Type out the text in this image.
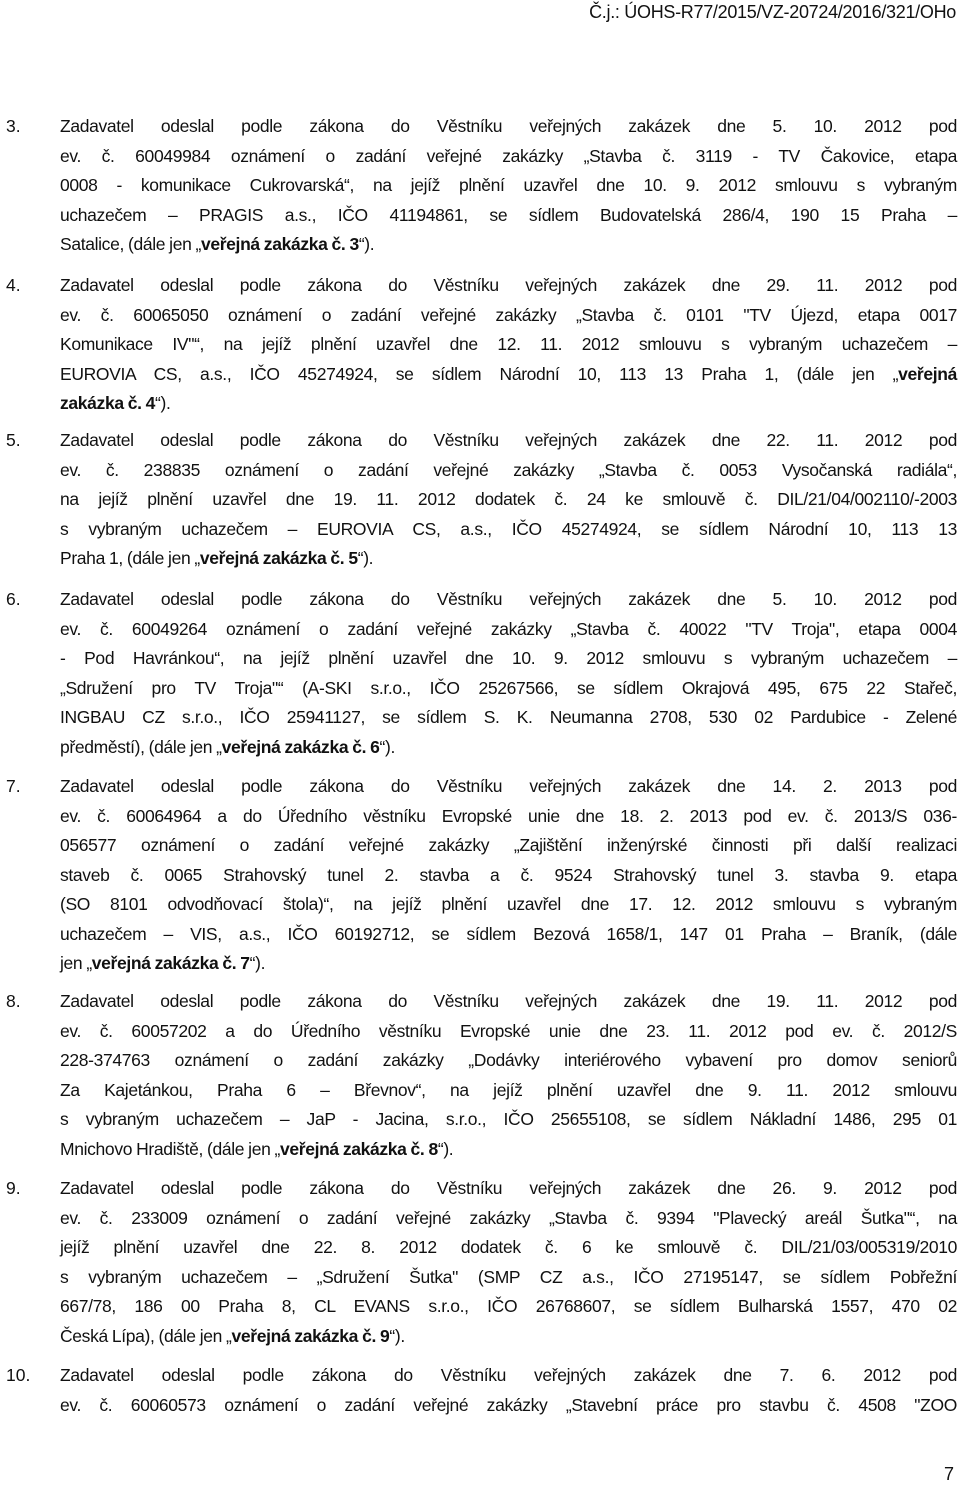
Č.j.: ÚOHS-R77/2015/VZ-20724/2016/321/OHo
3. Zadavatel odeslal podle zákona do Věstníku veřejných zakázek dne 5. 10. 2012 pod
ev. č. 60049984 oznámení o zadání veřejné zakázky „Stavba č. 3119 - TV Čakovice, etapa
0008 - komunikace Cukrovarská“, na jejíž plnění uzavřel dne 10. 9. 2012 smlouvu s vybraným
uchazečem – PRAGIS a.s., IČO 41194861, se sídlem Budovatelská 286/4, 190 15 Praha –
Satalice, (dále jen „veřejná zakázka č. 3“).
4. Zadavatel odeslal podle zákona do Věstníku veřejných zakázek dne 29. 11. 2012 pod
ev. č. 60065050 oznámení o zadání veřejné zakázky „Stavba č. 0101 "TV Újezd, etapa 0017
Komunikace IV"“, na jejíž plnění uzavřel dne 12. 11. 2012 smlouvu s vybraným uchazečem –
EUROVIA CS, a.s., IČO 45274924, se sídlem Národní 10, 113 13 Praha 1, (dále jen „veřejná
zakázka č. 4“).
5. Zadavatel odeslal podle zákona do Věstníku veřejných zakázek dne 22. 11. 2012 pod
ev. č. 238835 oznámení o zadání veřejné zakázky „Stavba č. 0053 Vysočanská radiála“,
na jejíž plnění uzavřel dne 19. 11. 2012 dodatek č. 24 ke smlouvě č. DIL/21/04/002110/-2003
s vybraným uchazečem – EUROVIA CS, a.s., IČO 45274924, se sídlem Národní 10, 113 13
Praha 1, (dále jen „veřejná zakázka č. 5“).
6. Zadavatel odeslal podle zákona do Věstníku veřejných zakázek dne 5. 10. 2012 pod
ev. č. 60049264 oznámení o zadání veřejné zakázky „Stavba č. 40022 "TV Troja", etapa 0004
- Pod Havránkou“, na jejíž plnění uzavřel dne 10. 9. 2012 smlouvu s vybraným uchazečem –
„Sdružení pro TV Troja"“ (A-SKI s.r.o., IČO 25267566, se sídlem Okrajová 495, 675 22 Stařeč,
INGBAU CZ s.r.o., IČO 25941127, se sídlem S. K. Neumanna 2708, 530 02 Pardubice - Zelené
předměstí), (dále jen „veřejná zakázka č. 6“).
7. Zadavatel odeslal podle zákona do Věstníku veřejných zakázek dne 14. 2. 2013 pod
ev. č. 60064964 a do Úředního věstníku Evropské unie dne 18. 2. 2013 pod ev. č. 2013/S 036-
056577 oznámení o zadání veřejné zakázky „Zajištění inženýrské činnosti při další realizaci
staveb č. 0065 Strahovský tunel 2. stavba a č. 9524 Strahovský tunel 3. stavba 9. etapa
(SO 8101 odvodňovací štola)“, na jejíž plnění uzavřel dne 17. 12. 2012 smlouvu s vybraným
uchazečem – VIS, a.s., IČO 60192712, se sídlem Bezová 1658/1, 147 01 Praha – Braník, (dále
jen „veřejná zakázka č. 7“).
8. Zadavatel odeslal podle zákona do Věstníku veřejných zakázek dne 19. 11. 2012 pod
ev. č. 60057202 a do Úředního věstníku Evropské unie dne 23. 11. 2012 pod ev. č. 2012/S
228-374763 oznámení o zadání zakázky „Dodávky interiérového vybavení pro domov seniorů
Za Kajetánkou, Praha 6 – Břevnov“, na jejíž plnění uzavřel dne 9. 11. 2012 smlouvu
s vybraným uchazečem – JaP - Jacina, s.r.o., IČO 25655108, se sídlem Nákladní 1486, 295 01
Mnichovo Hradiště, (dále jen „veřejná zakázka č. 8“).
9. Zadavatel odeslal podle zákona do Věstníku veřejných zakázek dne 26. 9. 2012 pod
ev. č. 233009 oznámení o zadání veřejné zakázky „Stavba č. 9394 "Plavecký areál Šutka"“, na
jejíž plnění uzavřel dne 22. 8. 2012 dodatek č. 6 ke smlouvě č. DIL/21/03/005319/2010
s vybraným uchazečem – „Sdružení Šutka" (SMP CZ a.s., IČO 27195147, se sídlem Pobřežní
667/78, 186 00 Praha 8, CL EVANS s.r.o., IČO 26768607, se sídlem Bulharská 1557, 470 02
Česká Lípa), (dále jen „veřejná zakázka č. 9“).
10. Zadavatel odeslal podle zákona do Věstníku veřejných zakázek dne 7. 6. 2012 pod
ev. č. 60060573 oznámení o zadání veřejné zakázky „Stavební práce pro stavbu č. 4508 "ZOO
7
